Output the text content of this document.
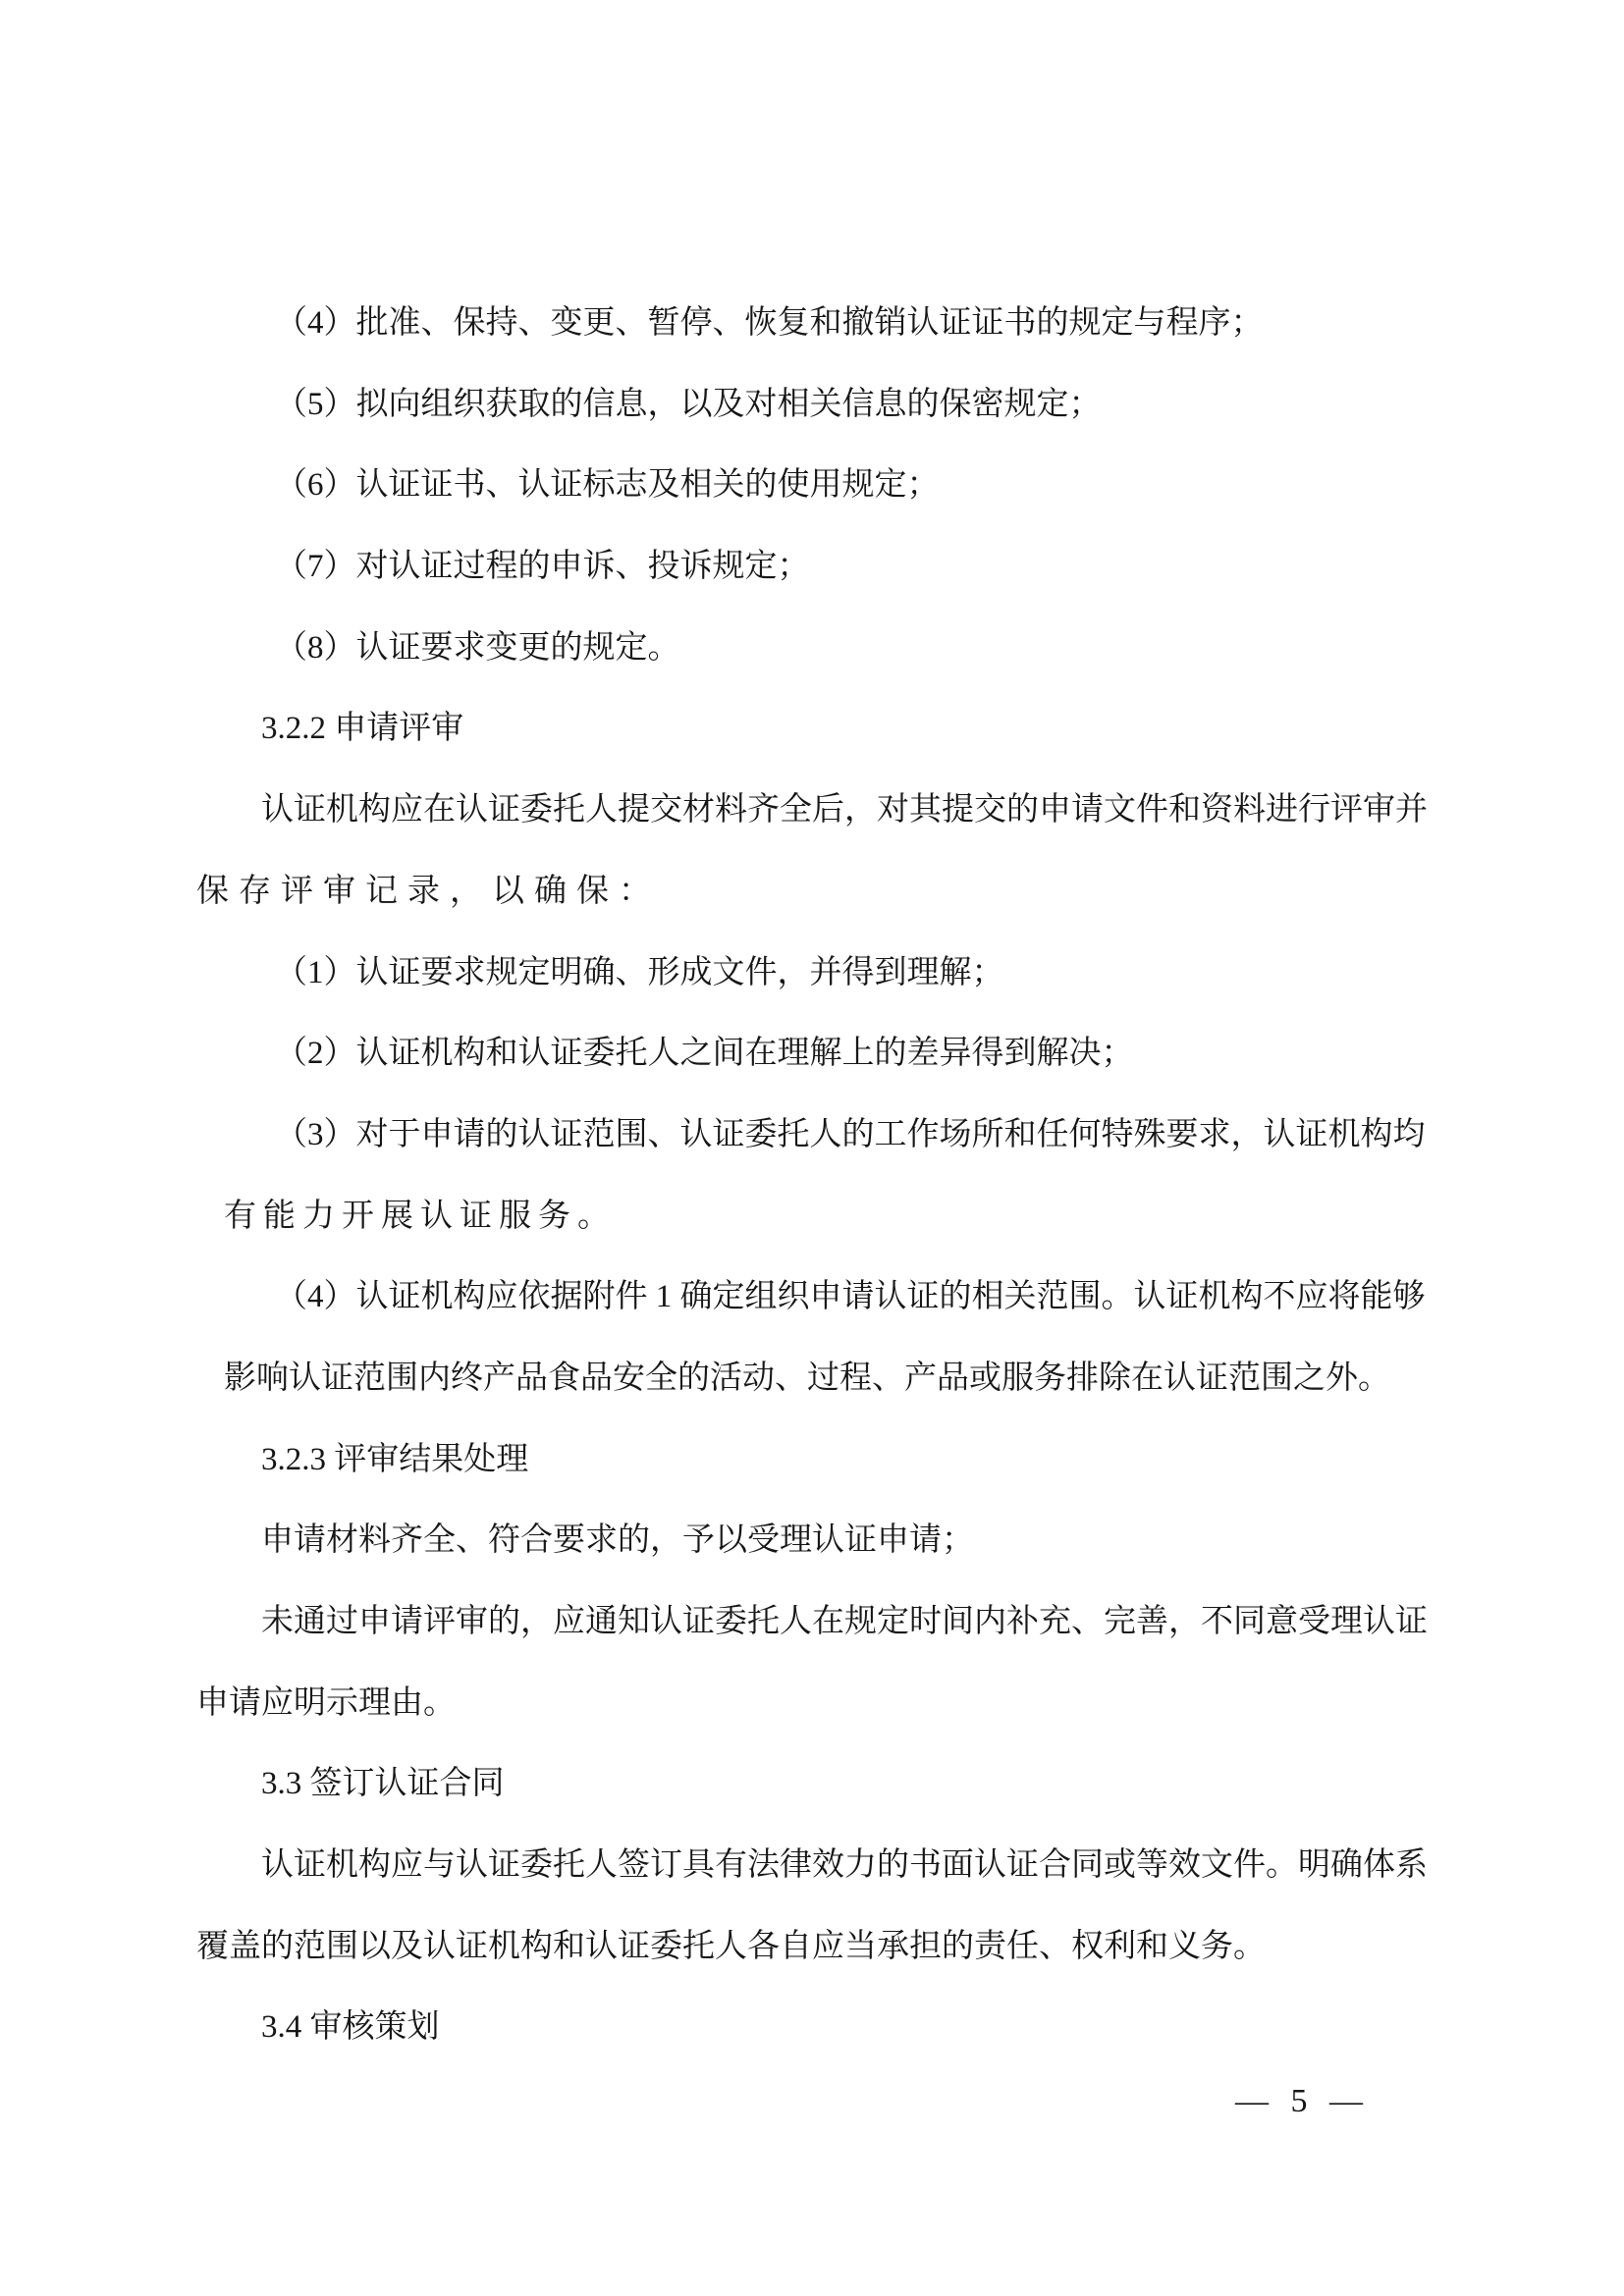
（4）批准、保持、变更、暂停、恢复和撤销认证证书的规定与程序；
（5）拟向组织获取的信息，以及对相关信息的保密规定；
（6）认证证书、认证标志及相关的使用规定；
（7）对认证过程的申诉、投诉规定；
（8）认证要求变更的规定。
3.2.2 申请评审
认证机构应在认证委托人提交材料齐全后，对其提交的申请文件和资料进行评审并
保存评审记录，以确保：
（1）认证要求规定明确、形成文件，并得到理解；
（2）认证机构和认证委托人之间在理解上的差异得到解决；
（3）对于申请的认证范围、认证委托人的工作场所和任何特殊要求，认证机构均
有能力开展认证服务。
（4）认证机构应依据附件 1 确定组织申请认证的相关范围。认证机构不应将能够
影响认证范围内终产品食品安全的活动、过程、产品或服务排除在认证范围之外。
3.2.3 评审结果处理
申请材料齐全、符合要求的，予以受理认证申请；
未通过申请评审的，应通知认证委托人在规定时间内补充、完善，不同意受理认证
申请应明示理由。
3.3 签订认证合同
认证机构应与认证委托人签订具有法律效力的书面认证合同或等效文件。明确体系
覆盖的范围以及认证机构和认证委托人各自应当承担的责任、权利和义务。
3.4 审核策划
— 5 —
